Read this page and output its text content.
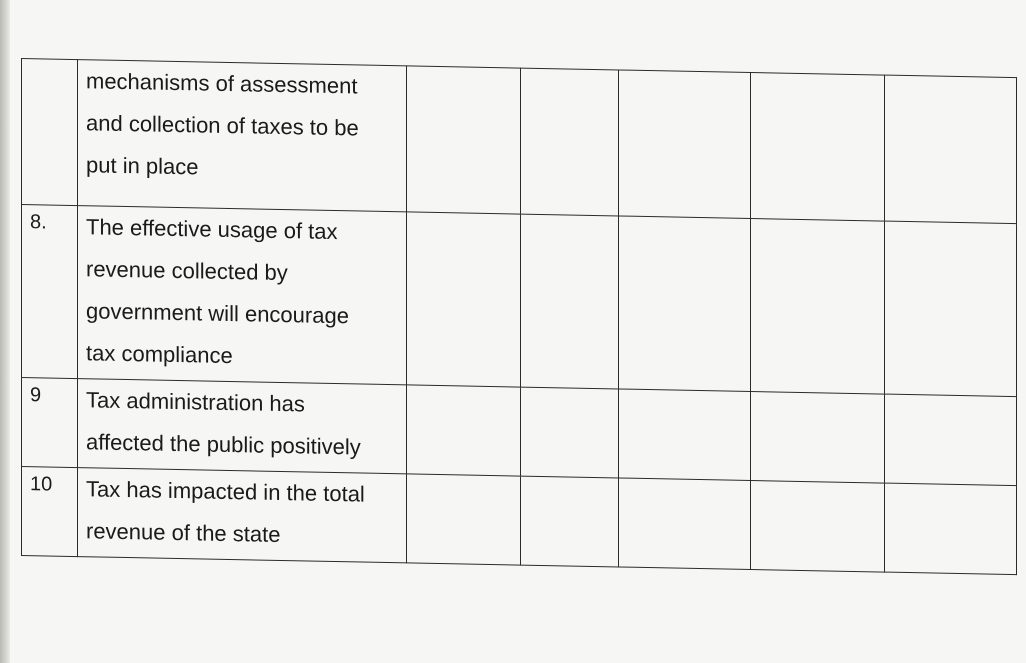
	mechanisms of assessment
and collection of taxes to be
put in place					

8.	The effective usage of tax
revenue collected by
government will encourage
tax compliance					

9	Tax administration has
affected the public positively					

10	Tax has impacted in the total
revenue of the state					
